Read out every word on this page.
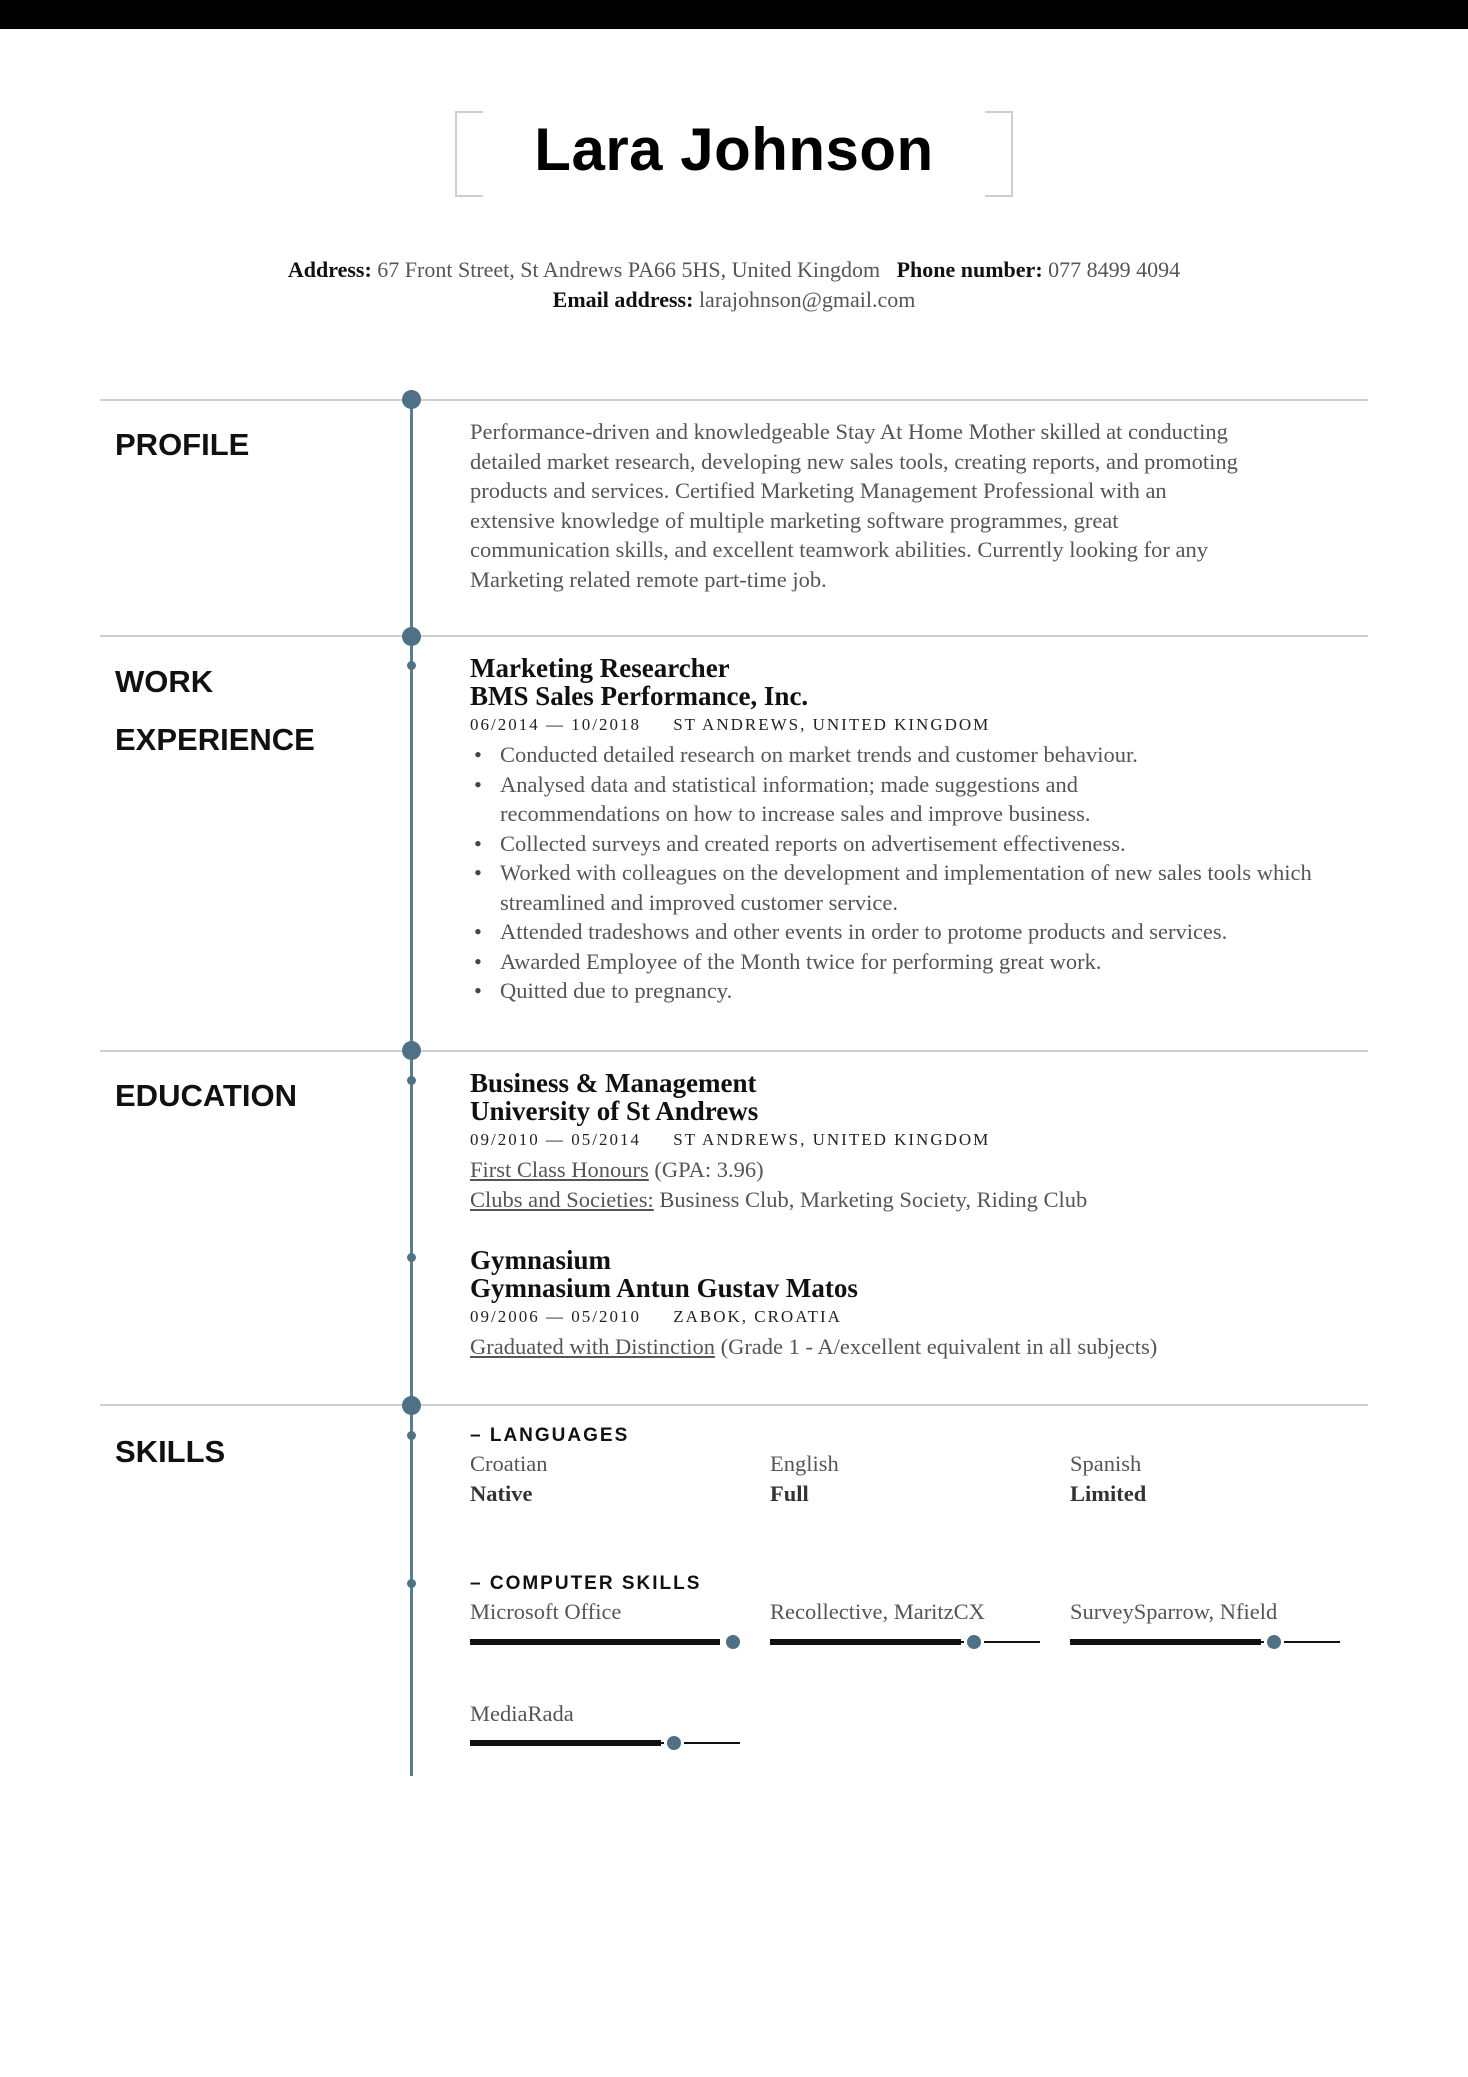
Lara Johnson
Address: 67 Front Street, St Andrews PA66 5HS, United Kingdom Phone number: 077 8499 4094
Email address: larajohnson@gmail.com
PROFILE	Performance-driven and knowledgeable Stay At Home Mother skilled at conducting
detailed market research, developing new sales tools, creating reports, and promoting
products and services. Certified Marketing Management Professional with an
extensive knowledge of multiple marketing software programmes, great
communication skills, and excellent teamwork abilities. Currently looking for any
Marketing related remote part-time job.
WORK
EXPERIENCE
Marketing Researcher
BMS Sales Performance, Inc.
06/2014 — 10/2018 ST ANDREWS, UNITED KINGDOM
• Conducted detailed research on market trends and customer behaviour.
• Analysed data and statistical information; made suggestions and recommendations on how to increase sales and improve business.
• Collected surveys and created reports on advertisement effectiveness.
• Worked with colleagues on the development and implementation of new sales tools which streamlined and improved customer service.
• Attended tradeshows and other events in order to protome products and services.
• Awarded Employee of the Month twice for performing great work.
• Quitted due to pregnancy.
EDUCATION	Business & Management
University of St Andrews
09/2010 — 05/2014 ST ANDREWS, UNITED KINGDOM
First Class Honours (GPA: 3.96)
Clubs and Societies: Business Club, Marketing Society, Riding Club
Gymnasium
Gymnasium Antun Gustav Matos
09/2006 — 05/2010 ZABOK, CROATIA
Graduated with Distinction (Grade 1 - A/excellent equivalent in all subjects)
SKILLS	– LANGUAGES
Croatian
Native
English
Full
Spanish
Limited
– COMPUTER SKILLS
Microsoft Office	Recollective, MaritzCX	SurveySparrow, Nfield
MediaRada
